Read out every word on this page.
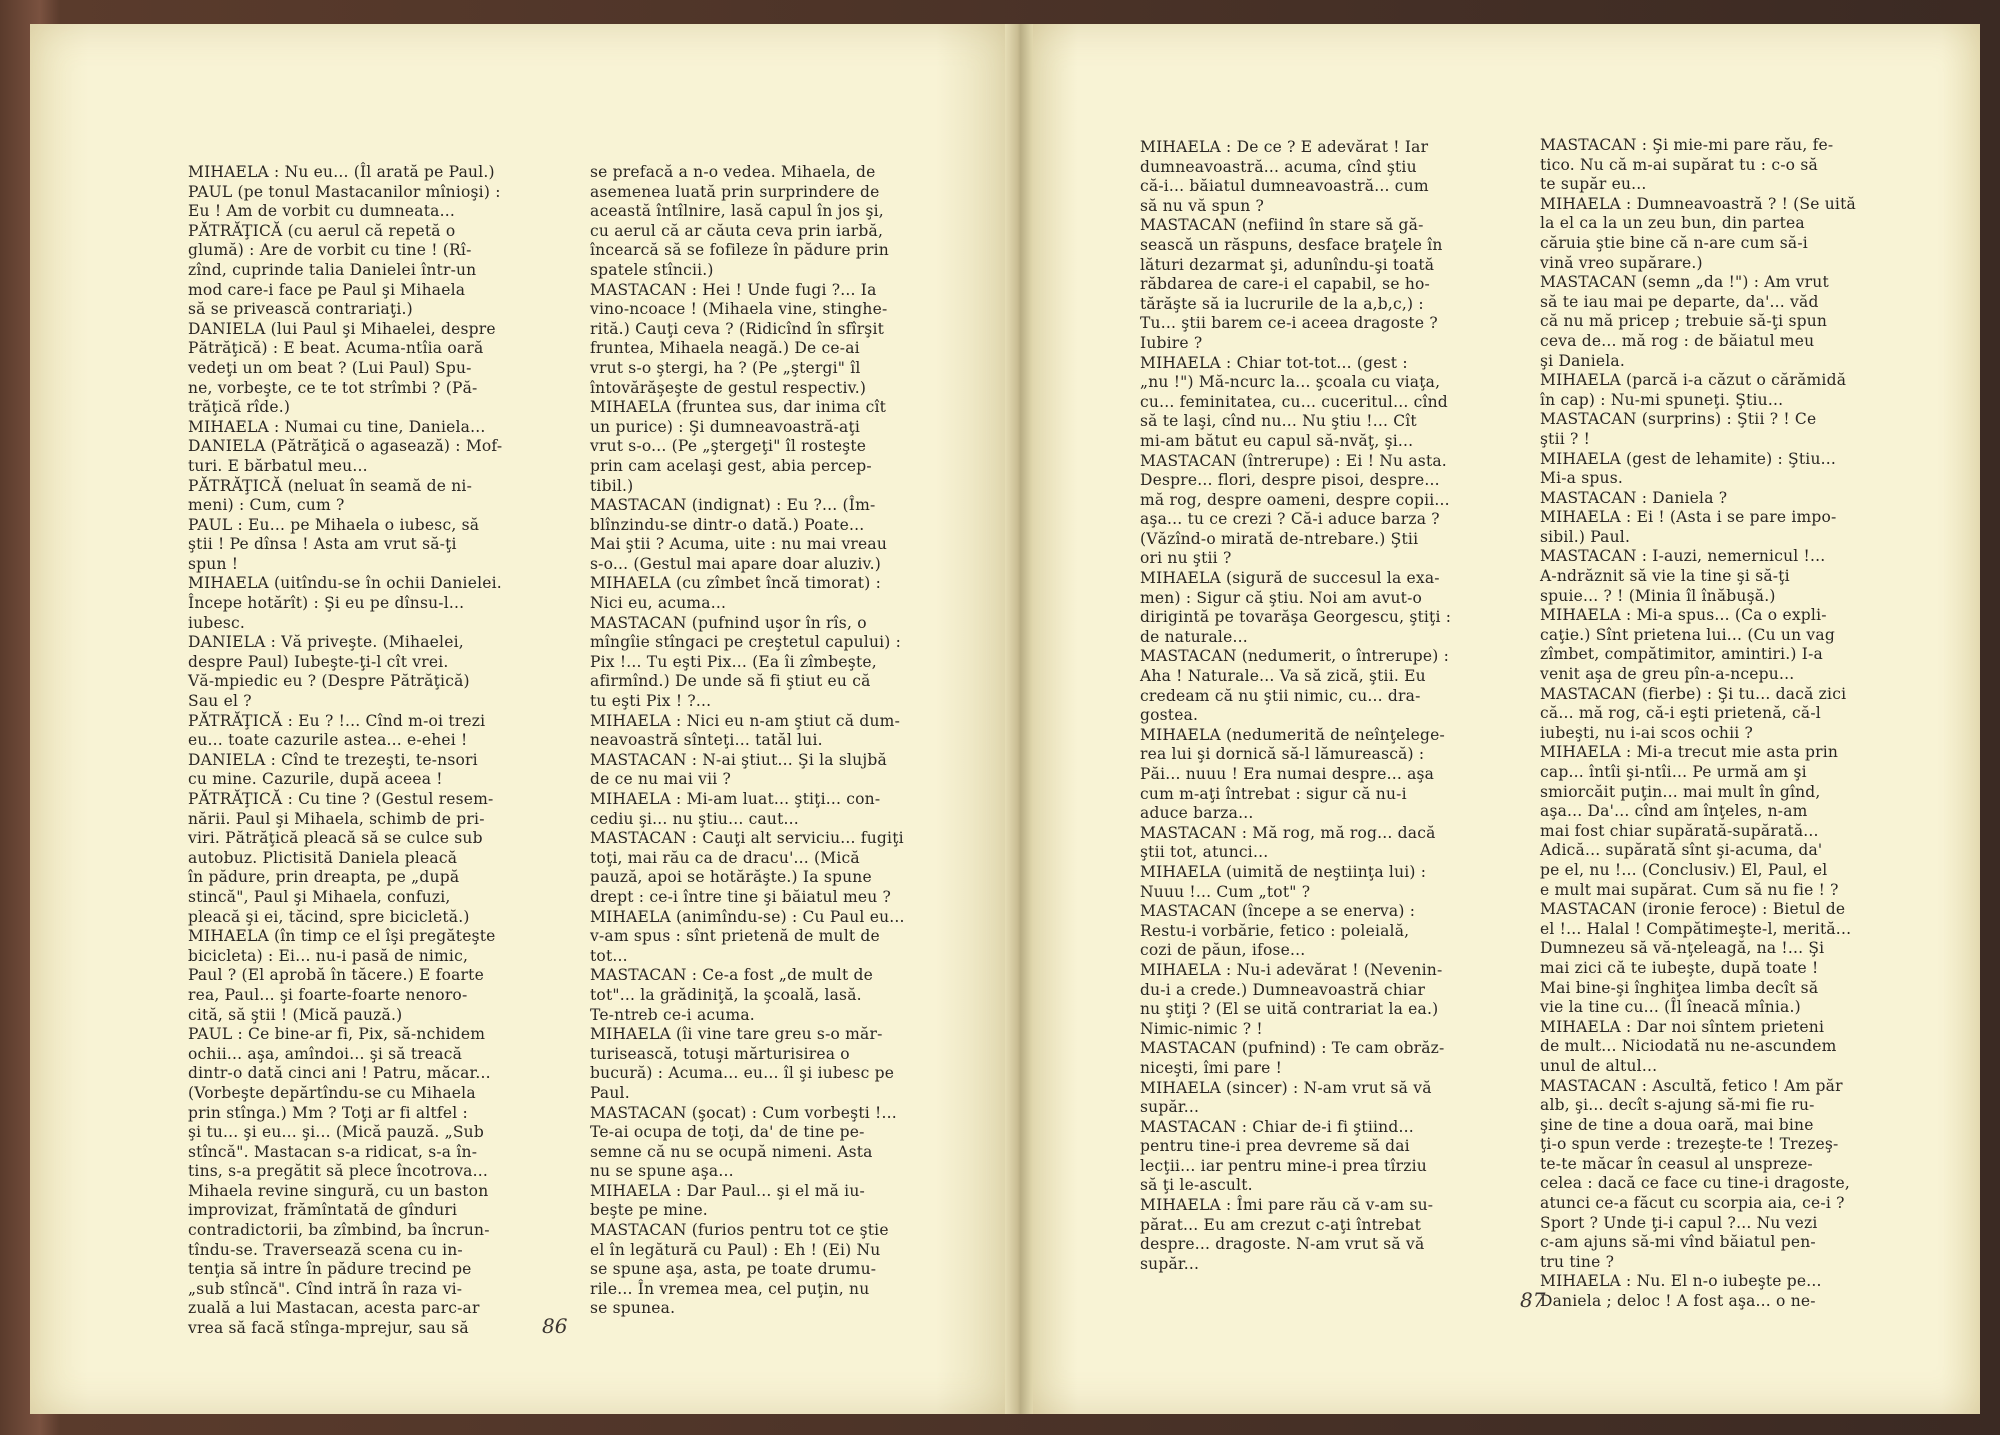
MIHAELA : Nu eu... (Îl arată pe Paul.)

PAUL (pe tonul Mastacanilor mînioşi) :

Eu ! Am de vorbit cu dumneata...

PĂTRĂŢICĂ (cu aerul că repetă o

glumă) : Are de vorbit cu tine ! (Rî-

zînd, cuprinde talia Danielei într-un

mod care-i face pe Paul şi Mihaela

să se privească contrariaţi.)

DANIELA (lui Paul şi Mihaelei, despre

Pătrăţică) : E beat. Acuma-ntîia oară

vedeţi un om beat ? (Lui Paul) Spu-

ne, vorbeşte, ce te tot strîmbi ? (Pă-

trăţică rîde.)

MIHAELA : Numai cu tine, Daniela...

DANIELA (Pătrăţică o agasează) : Mof-

turi. E bărbatul meu...

PĂTRĂŢICĂ (neluat în seamă de ni-

meni) : Cum, cum ?

PAUL : Eu... pe Mihaela o iubesc, să

ştii ! Pe dînsa ! Asta am vrut să-ţi

spun !

MIHAELA (uitîndu-se în ochii Danielei.

Începe hotărît) : Şi eu pe dînsu-l...

iubesc.

DANIELA : Vă priveşte. (Mihaelei,

despre Paul) Iubeşte-ţi-l cît vrei.

Vă-mpiedic eu ? (Despre Pătrăţică)

Sau el ?

PĂTRĂŢICĂ : Eu ? !... Cînd m-oi trezi

eu... toate cazurile astea... e-ehei !

DANIELA : Cînd te trezeşti, te-nsori

cu mine. Cazurile, după aceea !

PĂTRĂŢICĂ : Cu tine ? (Gestul resem-

nării. Paul şi Mihaela, schimb de pri-

viri. Pătrăţică pleacă să se culce sub

autobuz. Plictisită Daniela pleacă

în pădure, prin dreapta, pe „după

stincă", Paul şi Mihaela, confuzi,

pleacă şi ei, tăcind, spre bicicletă.)

MIHAELA (în timp ce el îşi pregăteşte

bicicleta) : Ei... nu-i pasă de nimic,

Paul ? (El aprobă în tăcere.) E foarte

rea, Paul... şi foarte-foarte nenoro-

cită, să ştii ! (Mică pauză.)

PAUL : Ce bine-ar fi, Pix, să-nchidem

ochii... aşa, amîndoi... şi să treacă

dintr-o dată cinci ani ! Patru, măcar...

(Vorbeşte depărtîndu-se cu Mihaela

prin stînga.) Mm ? Toţi ar fi altfel :

şi tu... şi eu... şi... (Mică pauză. „Sub

stîncă". Mastacan s-a ridicat, s-a în-

tins, s-a pregătit să plece încotrova...

Mihaela revine singură, cu un baston

improvizat, frămîntată de gînduri

contradictorii, ba zîmbind, ba încrun-

tîndu-se. Traversează scena cu in-

tenţia să intre în pădure trecind pe

„sub stîncă". Cînd intră în raza vi-

zuală a lui Mastacan, acesta parc-ar

vrea să facă stînga-mprejur, sau să

se prefacă a n-o vedea. Mihaela, de

asemenea luată prin surprindere de

această întîlnire, lasă capul în jos şi,

cu aerul că ar căuta ceva prin iarbă,

încearcă să se fofileze în pădure prin

spatele stîncii.)

MASTACAN : Hei ! Unde fugi ?... Ia

vino-ncoace ! (Mihaela vine, stinghe-

rită.) Cauţi ceva ? (Ridicînd în sfîrşit

fruntea, Mihaela neagă.) De ce-ai

vrut s-o ştergi, ha ? (Pe „ştergi" îl

întovărăşeşte de gestul respectiv.)

MIHAELA (fruntea sus, dar inima cît

un purice) : Şi dumneavoastră-aţi

vrut s-o... (Pe „ştergeţi" îl rosteşte

prin cam acelaşi gest, abia percep-

tibil.)

MASTACAN (indignat) : Eu ?... (Îm-

blînzindu-se dintr-o dată.) Poate...

Mai ştii ? Acuma, uite : nu mai vreau

s-o... (Gestul mai apare doar aluziv.)

MIHAELA (cu zîmbet încă timorat) :

Nici eu, acuma...

MASTACAN (pufnind uşor în rîs, o

mîngîie stîngaci pe creştetul capului) :

Pix !... Tu eşti Pix... (Ea îi zîmbeşte,

afirmînd.) De unde să fi ştiut eu că

tu eşti Pix ! ?...

MIHAELA : Nici eu n-am ştiut că dum-

neavoastră sînteţi... tatăl lui.

MASTACAN : N-ai ştiut... Şi la slujbă

de ce nu mai vii ?

MIHAELA : Mi-am luat... ştiţi... con-

cediu şi... nu ştiu... caut...

MASTACAN : Cauţi alt serviciu... fugiţi

toţi, mai rău ca de dracu'... (Mică

pauză, apoi se hotărăşte.) Ia spune

drept : ce-i între tine şi băiatul meu ?

MIHAELA (animîndu-se) : Cu Paul eu...

v-am spus : sînt prietenă de mult de

tot...

MASTACAN : Ce-a fost „de mult de

tot"... la grădiniţă, la şcoală, lasă.

Te-ntreb ce-i acuma.

MIHAELA (îi vine tare greu s-o măr-

turisească, totuşi mărturisirea o

bucură) : Acuma... eu... îl şi iubesc pe

Paul.

MASTACAN (şocat) : Cum vorbeşti !...

Te-ai ocupa de toţi, da' de tine pe-

semne că nu se ocupă nimeni. Asta

nu se spune aşa...

MIHAELA : Dar Paul... şi el mă iu-

beşte pe mine.

MASTACAN (furios pentru tot ce ştie

el în legătură cu Paul) : Eh ! (Ei) Nu

se spune aşa, asta, pe toate drumu-

rile... În vremea mea, cel puţin, nu

se spunea.

MIHAELA : De ce ? E adevărat ! Iar

dumneavoastră... acuma, cînd ştiu

că-i... băiatul dumneavoastră... cum

să nu vă spun ?

MASTACAN (nefiind în stare să gă-

sească un răspuns, desface braţele în

lături dezarmat şi, adunîndu-şi toată

răbdarea de care-i el capabil, se ho-

tărăşte să ia lucrurile de la a,b,c,) :

Tu... ştii barem ce-i aceea dragoste ?

Iubire ?

MIHAELA : Chiar tot-tot... (gest :

„nu !") Mă-ncurc la... şcoala cu viaţa,

cu... feminitatea, cu... cuceritul... cînd

să te laşi, cînd nu... Nu ştiu !... Cît

mi-am bătut eu capul să-nvăţ, şi...

MASTACAN (întrerupe) : Ei ! Nu asta.

Despre... flori, despre pisoi, despre...

mă rog, despre oameni, despre copii...

aşa... tu ce crezi ? Că-i aduce barza ?

(Văzînd-o mirată de-ntrebare.) Ştii

ori nu ştii ?

MIHAELA (sigură de succesul la exa-

men) : Sigur că ştiu. Noi am avut-o

dirigintă pe tovarăşa Georgescu, ştiţi :

de naturale...

MASTACAN (nedumerit, o întrerupe) :

Aha ! Naturale... Va să zică, ştii. Eu

credeam că nu ştii nimic, cu... dra-

gostea.

MIHAELA (nedumerită de neînţelege-

rea lui şi dornică să-l lămurească) :

Păi... nuuu ! Era numai despre... aşa

cum m-aţi întrebat : sigur că nu-i

aduce barza...

MASTACAN : Mă rog, mă rog... dacă

ştii tot, atunci...

MIHAELA (uimită de neştiinţa lui) :

Nuuu !... Cum „tot" ?

MASTACAN (începe a se enerva) :

Restu-i vorbărie, fetico : poleială,

cozi de păun, ifose...

MIHAELA : Nu-i adevărat ! (Nevenin-

du-i a crede.) Dumneavoastră chiar

nu ştiţi ? (El se uită contrariat la ea.)

Nimic-nimic ? !

MASTACAN (pufnind) : Te cam obrăz-

niceşti, îmi pare !

MIHAELA (sincer) : N-am vrut să vă

supăr...

MASTACAN : Chiar de-i fi ştiind...

pentru tine-i prea devreme să dai

lecţii... iar pentru mine-i prea tîrziu

să ţi le-ascult.

MIHAELA : Îmi pare rău că v-am su-

părat... Eu am crezut c-aţi întrebat

despre... dragoste. N-am vrut să vă

supăr...

MASTACAN : Şi mie-mi pare rău, fe-

tico. Nu că m-ai supărat tu : c-o să

te supăr eu...

MIHAELA : Dumneavoastră ? ! (Se uită

la el ca la un zeu bun, din partea

căruia ştie bine că n-are cum să-i

vină vreo supărare.)

MASTACAN (semn „da !") : Am vrut

să te iau mai pe departe, da'... văd

că nu mă pricep ; trebuie să-ţi spun

ceva de... mă rog : de băiatul meu

şi Daniela.

MIHAELA (parcă i-a căzut o cărămidă

în cap) : Nu-mi spuneţi. Ştiu...

MASTACAN (surprins) : Ştii ? ! Ce

ştii ? !

MIHAELA (gest de lehamite) : Ştiu...

Mi-a spus.

MASTACAN : Daniela ?

MIHAELA : Ei ! (Asta i se pare impo-

sibil.) Paul.

MASTACAN : I-auzi, nemernicul !...

A-ndrăznit să vie la tine şi să-ţi

spuie... ? ! (Minia îl înăbuşă.)

MIHAELA : Mi-a spus... (Ca o expli-

caţie.) Sînt prietena lui... (Cu un vag

zîmbet, compătimitor, amintiri.) I-a

venit aşa de greu pîn-a-ncepu...

MASTACAN (fierbe) : Şi tu... dacă zici

că... mă rog, că-i eşti prietenă, că-l

iubeşti, nu i-ai scos ochii ?

MIHAELA : Mi-a trecut mie asta prin

cap... întîi şi-ntîi... Pe urmă am şi

smiorcăit puţin... mai mult în gînd,

aşa... Da'... cînd am înţeles, n-am

mai fost chiar supărată-supărată...

Adică... supărată sînt şi-acuma, da'

pe el, nu !... (Conclusiv.) El, Paul, el

e mult mai supărat. Cum să nu fie ! ?

MASTACAN (ironie feroce) : Bietul de

el !... Halal ! Compătimeşte-l, merită...

Dumnezeu să vă-nţeleagă, na !... Şi

mai zici că te iubeşte, după toate !

Mai bine-şi înghiţea limba decît să

vie la tine cu... (Îl îneacă mînia.)

MIHAELA : Dar noi sîntem prieteni

de mult... Niciodată nu ne-ascundem

unul de altul...

MASTACAN : Ascultă, fetico ! Am păr

alb, şi... decît s-ajung să-mi fie ru-

şine de tine a doua oară, mai bine

ţi-o spun verde : trezeşte-te ! Trezeş-

te-te măcar în ceasul al unspreze-

celea : dacă ce face cu tine-i dragoste,

atunci ce-a făcut cu scorpia aia, ce-i ?

Sport ? Unde ţi-i capul ?... Nu vezi

c-am ajuns să-mi vînd băiatul pen-

tru tine ?

MIHAELA : Nu. El n-o iubeşte pe...

Daniela ; deloc ! A fost aşa... o ne-

86
87
